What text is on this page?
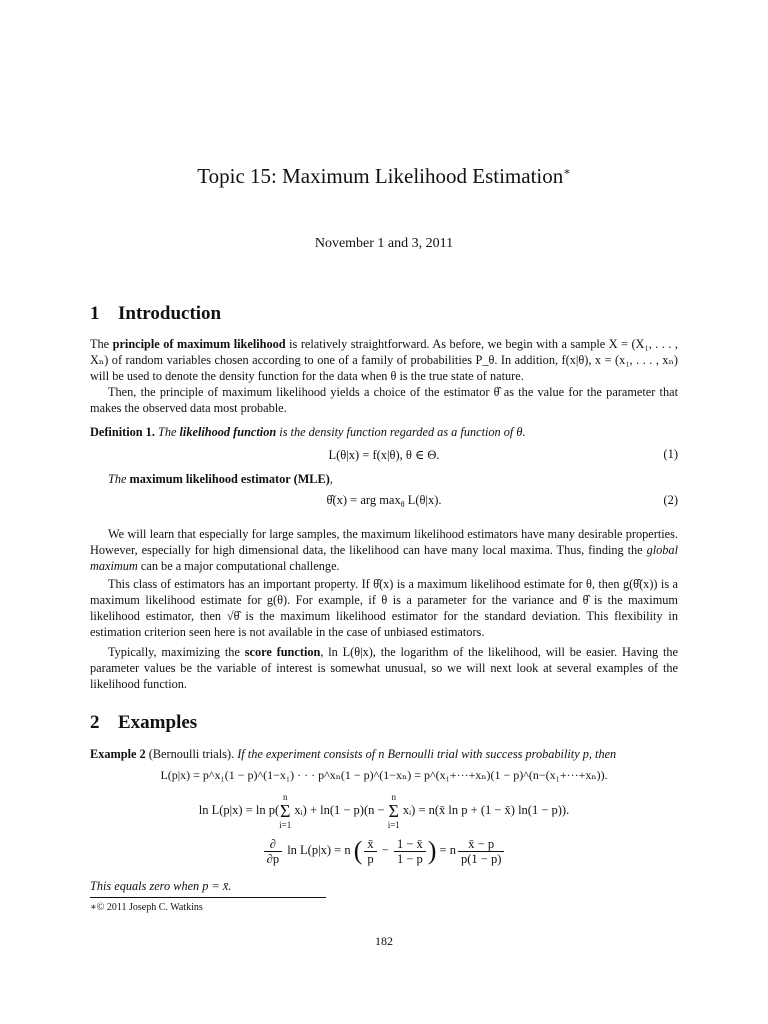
Topic 15: Maximum Likelihood Estimation∗
November 1 and 3, 2011
1 Introduction
The principle of maximum likelihood is relatively straightforward. As before, we begin with a sample X = (X₁, . . . , Xₙ) of random variables chosen according to one of a family of probabilities P_θ. In addition, f(x|θ), x = (x₁, . . . , xₙ) will be used to denote the density function for the data when θ is the true state of nature.
Then, the principle of maximum likelihood yields a choice of the estimator θ̂ as the value for the parameter that makes the observed data most probable.
Definition 1. The likelihood function is the density function regarded as a function of θ.
L(θ|x) = f(x|θ), θ ∈ Θ.	(1)
The maximum likelihood estimator (MLE),
θ̂(x) = arg $\max_\theta L(\theta|x)$.	(2)
We will learn that especially for large samples, the maximum likelihood estimators have many desirable properties. However, especially for high dimensional data, the likelihood can have many local maxima. Thus, finding the global maximum can be a major computational challenge.
This class of estimators has an important property. If θ̂(x) is a maximum likelihood estimate for θ, then g(θ̂(x)) is a maximum likelihood estimate for g(θ). For example, if θ is a parameter for the variance and θ̂ is the maximum likelihood estimator, then √θ̂ is the maximum likelihood estimator for the standard deviation. This flexibility in estimation criterion seen here is not available in the case of unbiased estimators.
Typically, maximizing the score function, ln L(θ|x), the logarithm of the likelihood, will be easier. Having the parameter values be the variable of interest is somewhat unusual, so we will next look at several examples of the likelihood function.
2 Examples
Example 2 (Bernoulli trials). If the experiment consists of n Bernoulli trial with success probability p, then
L(p|x) = p^x₁(1 − p)^(1−x₁) · · · p^xₙ(1 − p)^(1−xₙ) = p^(x₁+···+xₙ)(1 − p)^(n−(x₁+···+xₙ)).
ln L(p|x) = ln p(n
Σ
i=1 xᵢ) + ln(1 − p)(n − n
Σ
i=1 xᵢ) = n(x̄ ln p + (1 − x̄) ln(1 − p)).
$\frac{\partial}{\partial p}$ ln L(p|x) = n ( $\frac{x̄}{p} - \frac{1 - x̄}{1 - p}$ ) = n $\frac{x̄ - p}{p(1 - p)}$
This equals zero when p = x̄.
∗© 2011 Joseph C. Watkins
182
